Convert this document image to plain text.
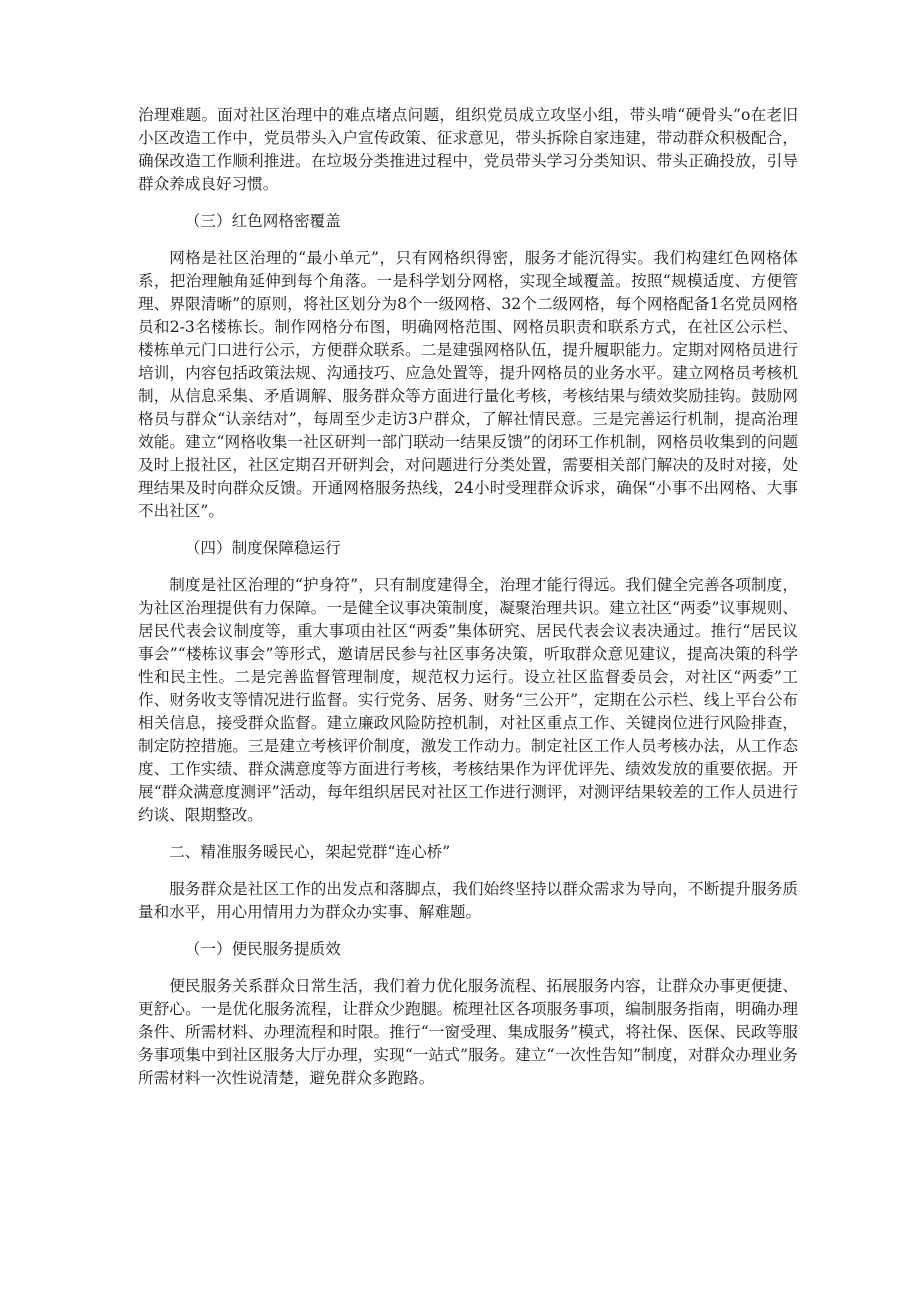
治理难题。面对社区治理中的难点堵点问题，组织党员成立攻坚小组，带头啃“硬骨头”o在老旧小区改造工作中，党员带头入户宣传政策、征求意见，带头拆除自家违建，带动群众积极配合，确保改造工作顺利推进。在垃圾分类推进过程中，党员带头学习分类知识、带头正确投放，引导群众养成良好习惯。

（三）红色网格密覆盖

网格是社区治理的“最小单元”，只有网格织得密，服务才能沉得实。我们构建红色网格体系，把治理触角延伸到每个角落。一是科学划分网格，实现全域覆盖。按照“规模适度、方便管理、界限清晰”的原则，将社区划分为8个一级网格、32个二级网格，每个网格配备1名党员网格员和2-3名楼栋长。制作网格分布图，明确网格范围、网格员职责和联系方式，在社区公示栏、楼栋单元门口进行公示，方便群众联系。二是建强网格队伍，提升履职能力。定期对网格员进行培训，内容包括政策法规、沟通技巧、应急处置等，提升网格员的业务水平。建立网格员考核机制，从信息采集、矛盾调解、服务群众等方面进行量化考核，考核结果与绩效奖励挂钩。鼓励网格员与群众“认亲结对”，每周至少走访3户群众，了解社情民意。三是完善运行机制，提高治理效能。建立“网格收集一社区研判一部门联动一结果反馈”的闭环工作机制，网格员收集到的问题及时上报社区，社区定期召开研判会，对问题进行分类处置，需要相关部门解决的及时对接，处理结果及时向群众反馈。开通网格服务热线，24小时受理群众诉求，确保“小事不出网格、大事不出社区”。

（四）制度保障稳运行

制度是社区治理的“护身符”，只有制度建得全，治理才能行得远。我们健全完善各项制度，为社区治理提供有力保障。一是健全议事决策制度，凝聚治理共识。建立社区“两委”议事规则、居民代表会议制度等，重大事项由社区“两委”集体研究、居民代表会议表决通过。推行“居民议事会”“楼栋议事会”等形式，邀请居民参与社区事务决策，听取群众意见建议，提高决策的科学性和民主性。二是完善监督管理制度，规范权力运行。设立社区监督委员会，对社区“两委”工作、财务收支等情况进行监督。实行党务、居务、财务“三公开”，定期在公示栏、线上平台公布相关信息，接受群众监督。建立廉政风险防控机制，对社区重点工作、关键岗位进行风险排查，制定防控措施。三是建立考核评价制度，激发工作动力。制定社区工作人员考核办法，从工作态度、工作实绩、群众满意度等方面进行考核，考核结果作为评优评先、绩效发放的重要依据。开展“群众满意度测评”活动，每年组织居民对社区工作进行测评，对测评结果较差的工作人员进行约谈、限期整改。

二、精准服务暖民心，架起党群“连心桥”

服务群众是社区工作的出发点和落脚点，我们始终坚持以群众需求为导向，不断提升服务质量和水平，用心用情用力为群众办实事、解难题。

（一）便民服务提质效

便民服务关系群众日常生活，我们着力优化服务流程、拓展服务内容，让群众办事更便捷、更舒心。一是优化服务流程，让群众少跑腿。梳理社区各项服务事项，编制服务指南，明确办理条件、所需材料、办理流程和时限。推行“一窗受理、集成服务”模式，将社保、医保、民政等服务事项集中到社区服务大厅办理，实现“一站式”服务。建立“一次性告知”制度，对群众办理业务所需材料一次性说清楚，避免群众多跑路。
